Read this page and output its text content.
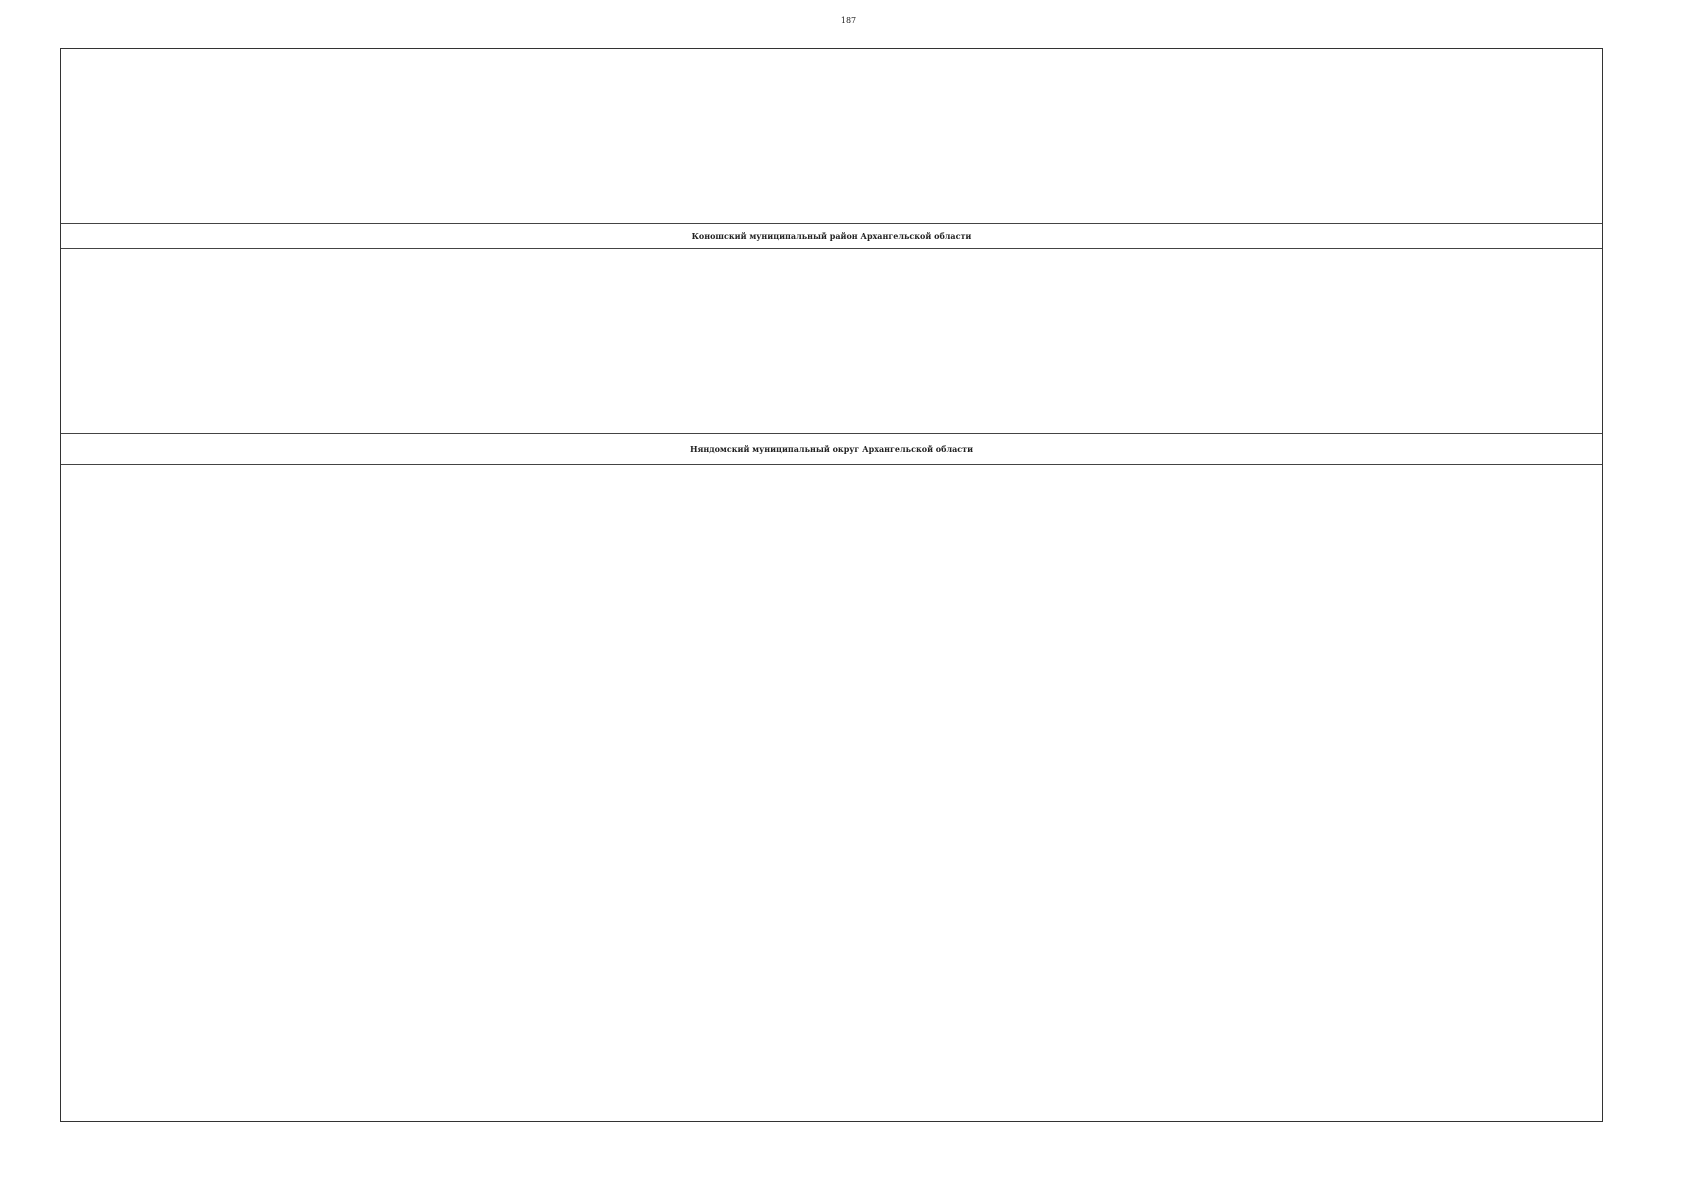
187
Коношский муниципальный район Архангельской области
Няндомский муниципальный округ Архангельской области
